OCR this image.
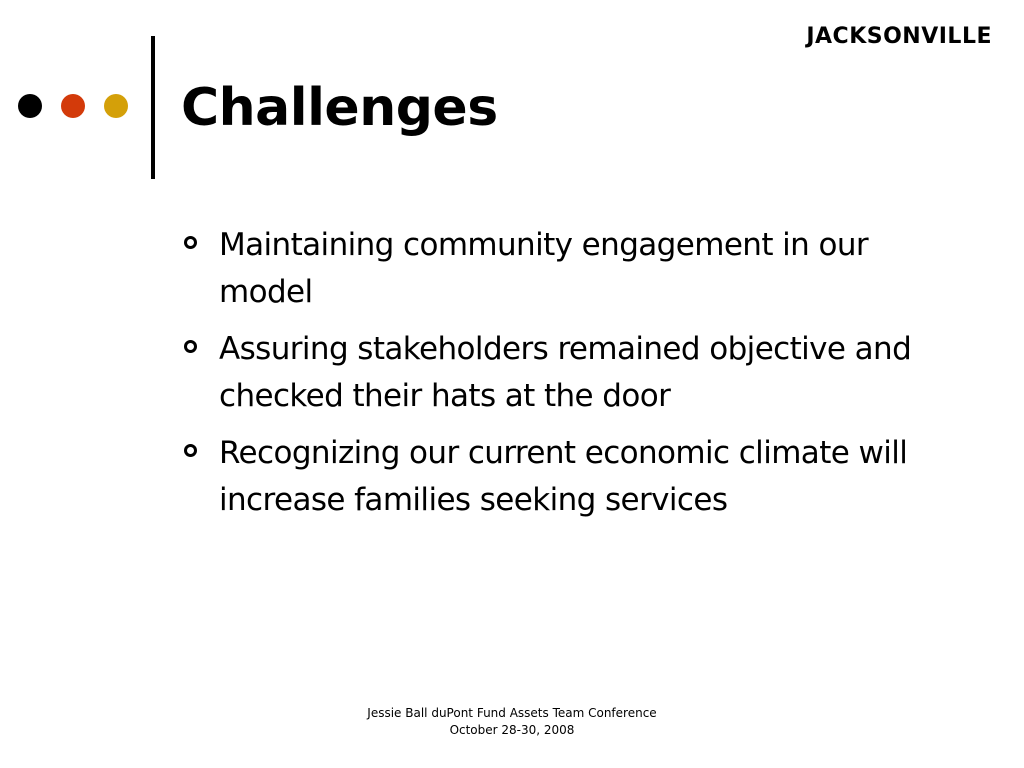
JACKSONVILLE
Challenges
Maintaining community engagement in our model
Assuring stakeholders remained objective and checked their hats at the door
Recognizing our current economic climate will increase families seeking services
Jessie Ball duPont Fund Assets Team Conference
October 28-30, 2008
